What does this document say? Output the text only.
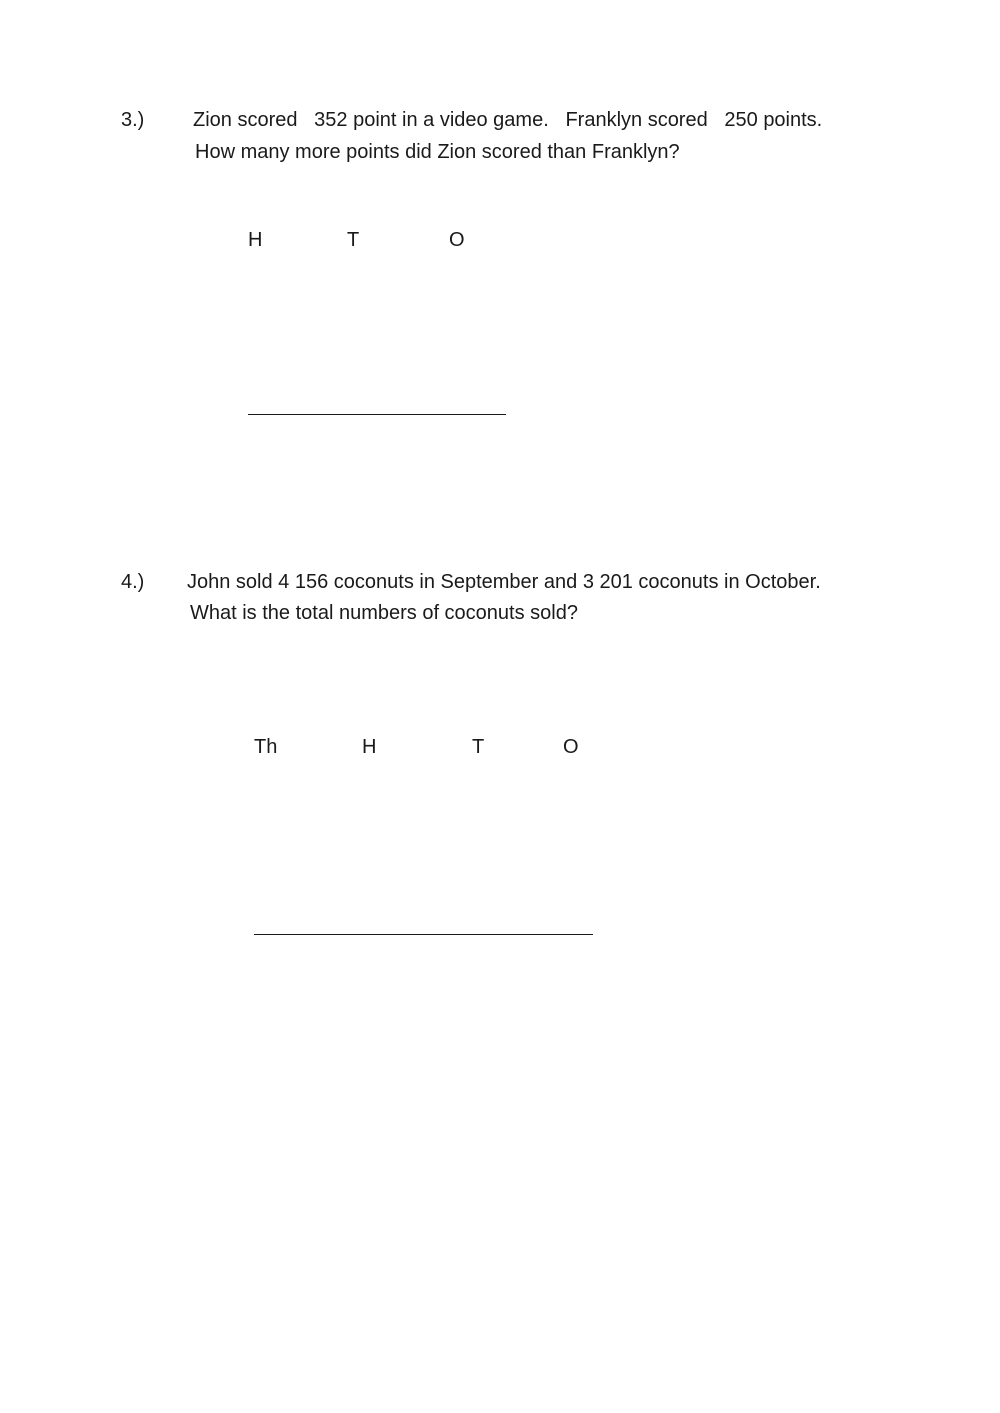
3.) Zion scored   352 point in a video game.   Franklyn scored   250 points.
How many more points did Zion scored than Franklyn?
H	T	O
4.) John sold 4 156 coconuts in September and 3 201 coconuts in October.
What is the total numbers of coconuts sold?
Th	H	T	O
